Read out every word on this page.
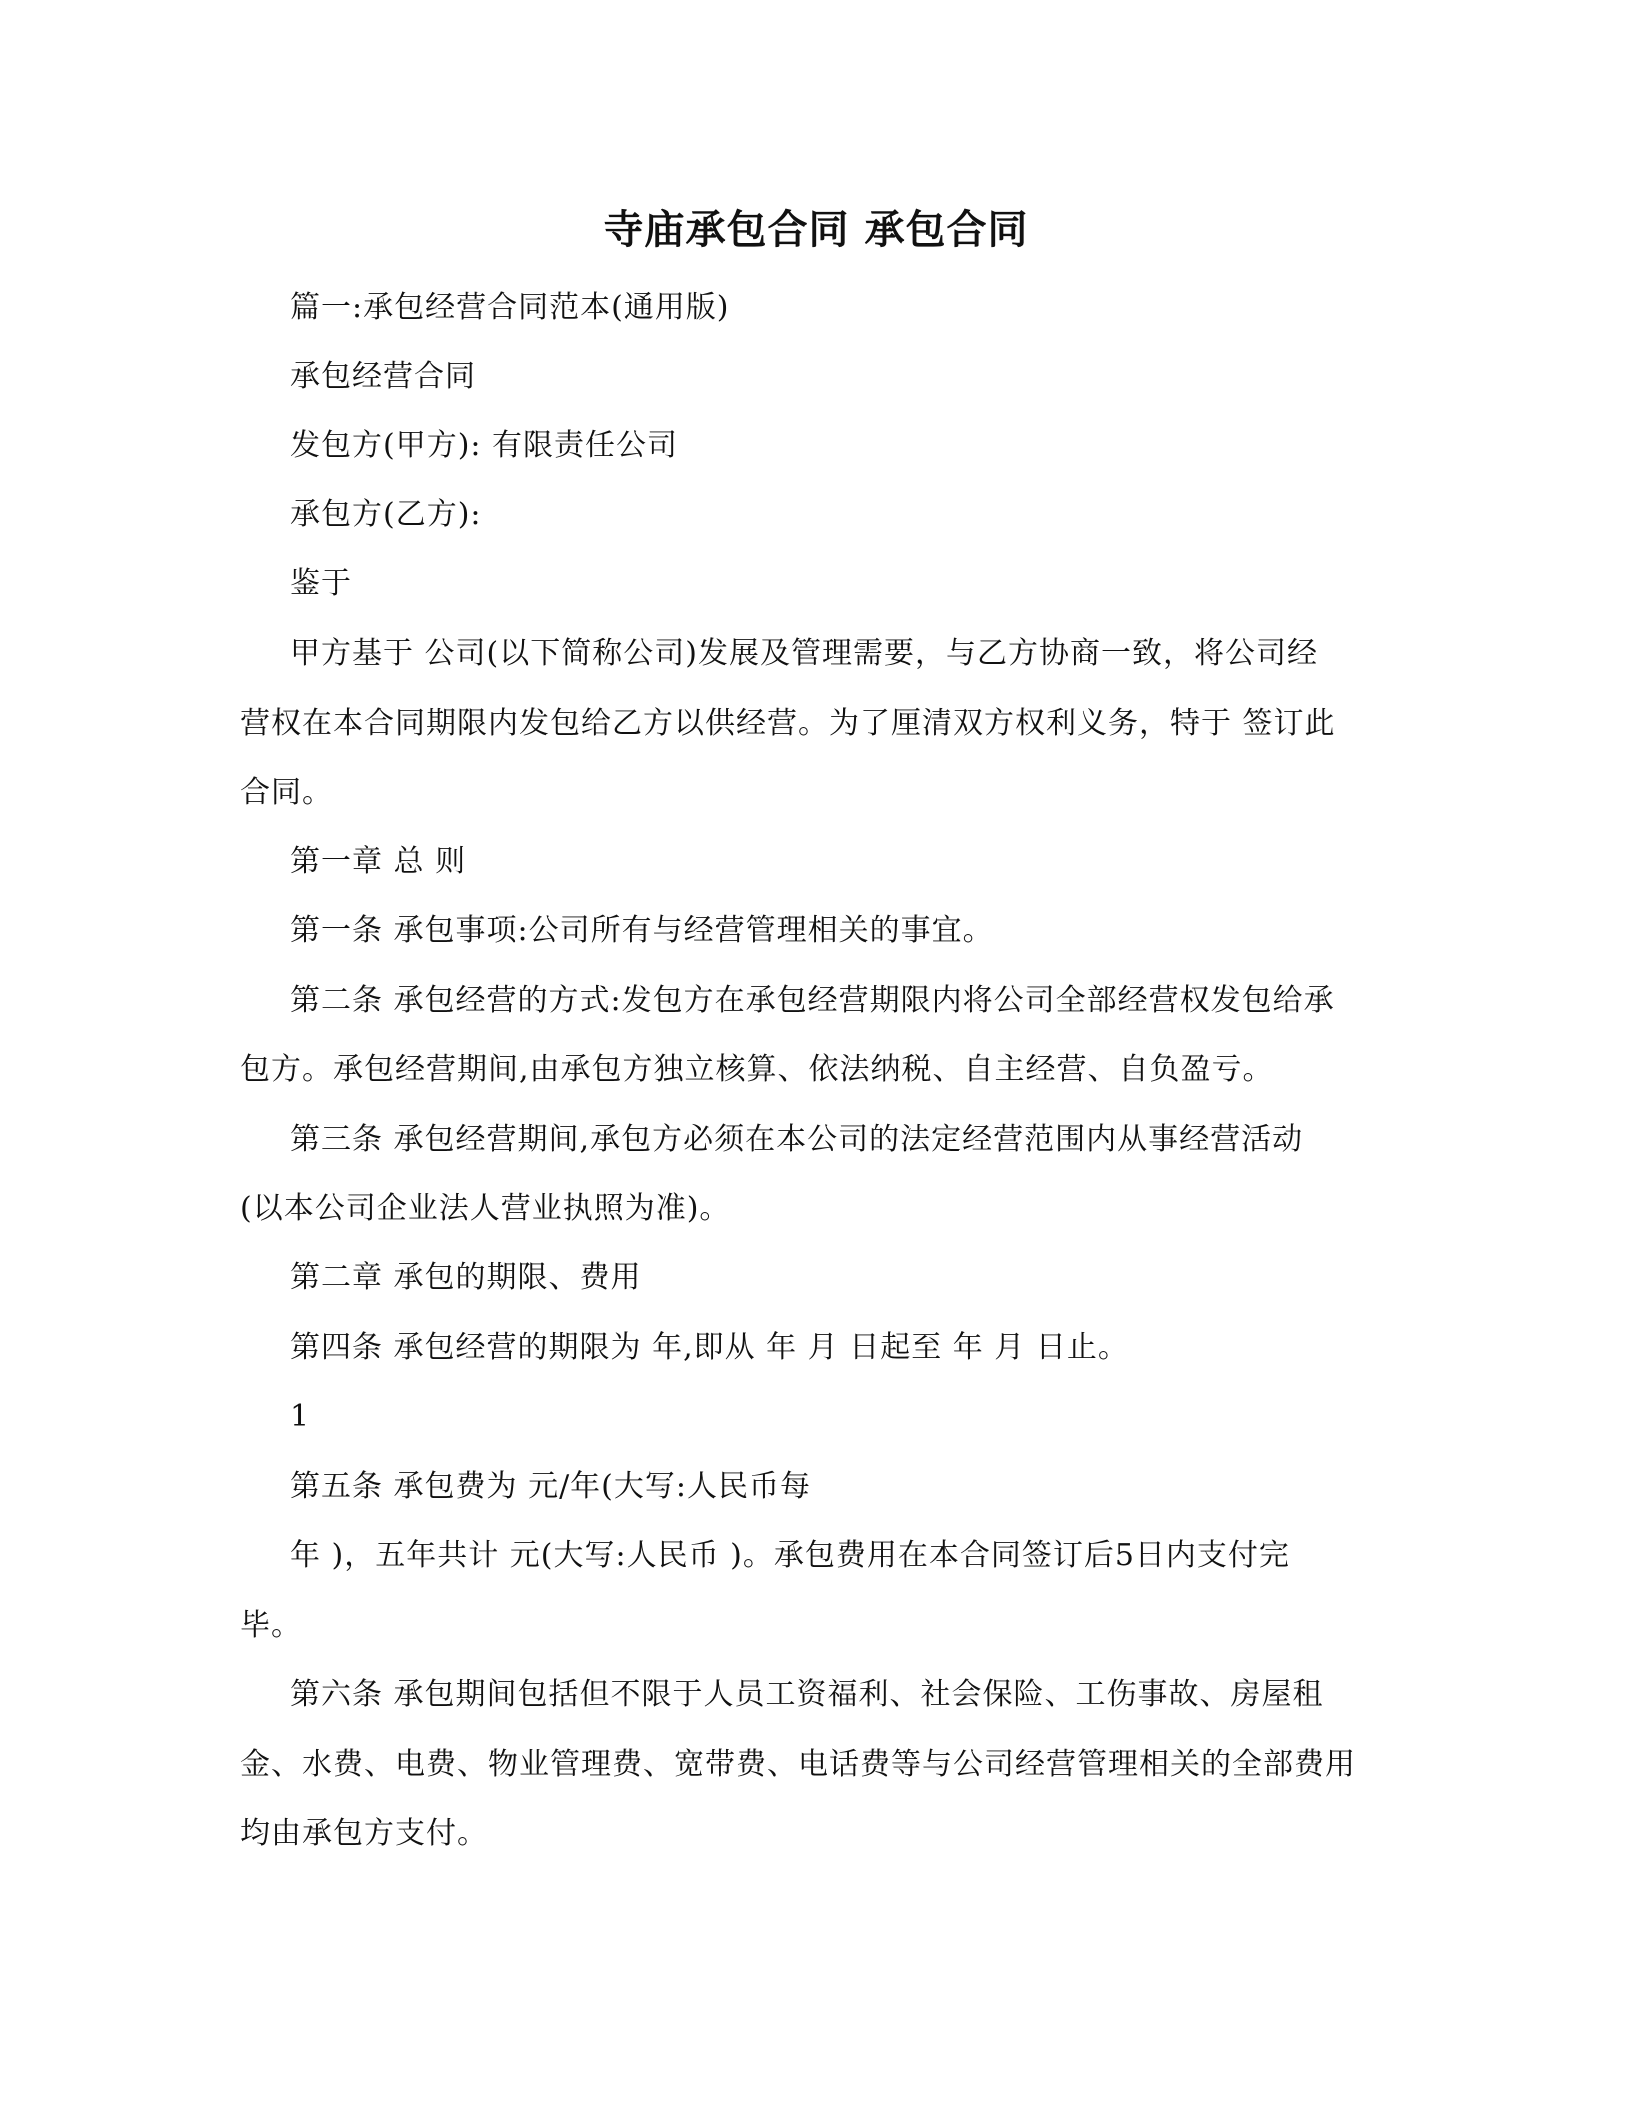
寺庙承包合同 承包合同
篇一:承包经营合同范本(通用版)
承包经营合同
发包方(甲方): 有限责任公司
承包方(乙方):
鉴于
甲方基于 公司(以下简称公司)发展及管理需要，与乙方协商一致，将公司经
营权在本合同期限内发包给乙方以供经营。为了厘清双方权利义务，特于 签订此
合同。
第一章 总 则
第一条 承包事项:公司所有与经营管理相关的事宜。
第二条 承包经营的方式:发包方在承包经营期限内将公司全部经营权发包给承
包方。承包经营期间,由承包方独立核算、依法纳税、自主经营、自负盈亏。
第三条 承包经营期间,承包方必须在本公司的法定经营范围内从事经营活动
(以本公司企业法人营业执照为准)。
第二章 承包的期限、费用
第四条 承包经营的期限为 年,即从 年 月 日起至 年 月 日止。
1
第五条 承包费为 元/年(大写:人民币每
年 )，五年共计 元(大写:人民币 )。承包费用在本合同签订后5日内支付完
毕。
第六条 承包期间包括但不限于人员工资福利、社会保险、工伤事故、房屋租
金、水费、电费、物业管理费、宽带费、电话费等与公司经营管理相关的全部费用
均由承包方支付。
